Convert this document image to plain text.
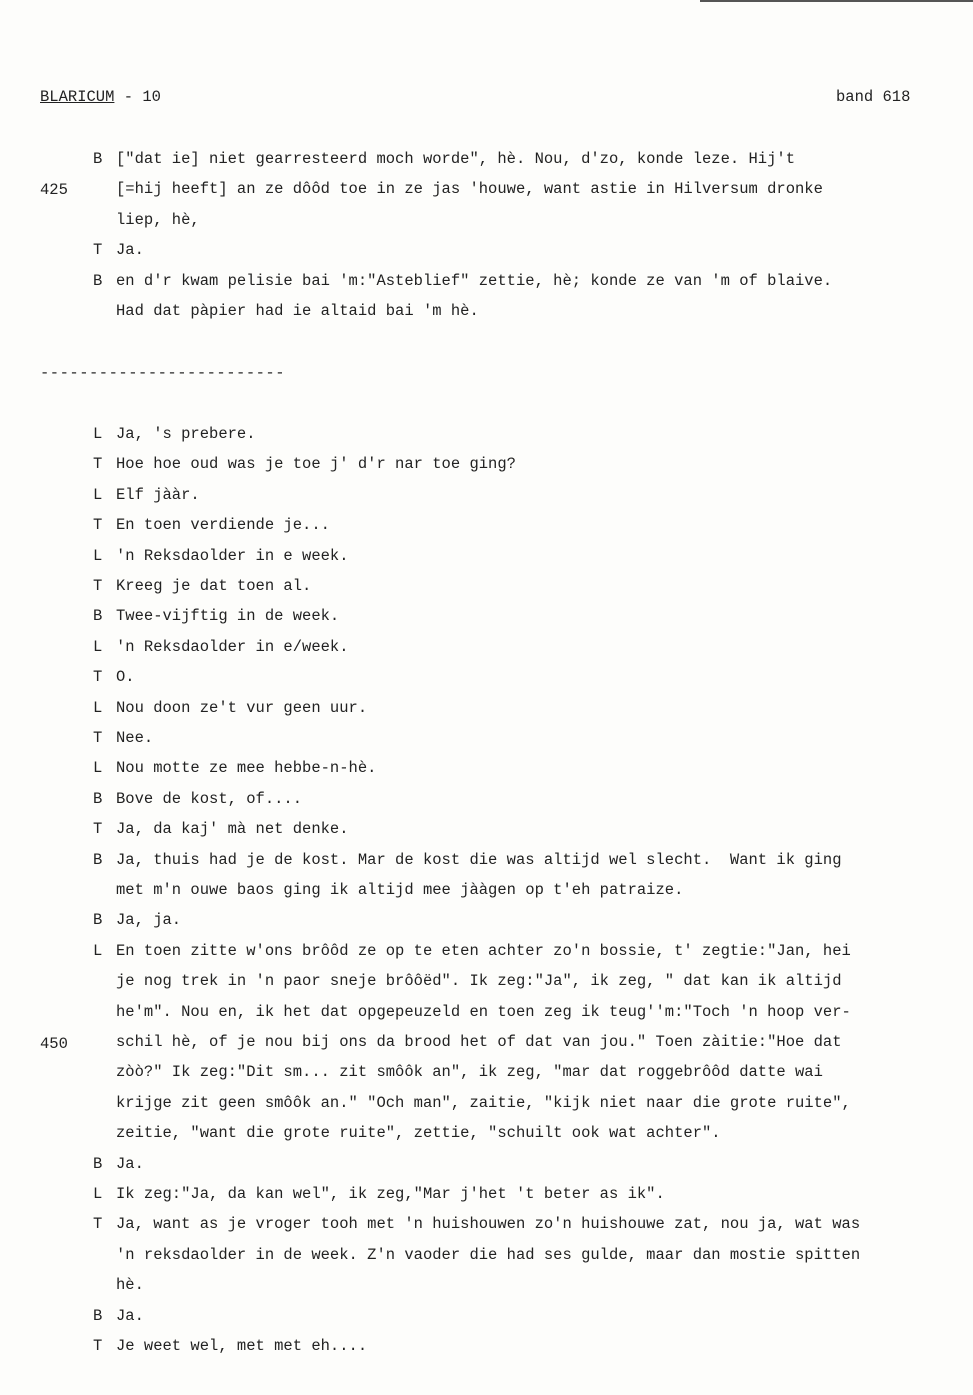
BLARICUM - 10	band 618
B ["dat ie] niet gearresteerd moch worde", hè. Nou, d'zo, konde leze. Hij't
[=hij heeft] an ze dôôd toe in ze jas 'houwe, want astie in Hilversum dronke
liep, hè,
T Ja.
B en d'r kwam pelisie bai 'm:"Asteblief" zettie, hè; konde ze van 'm of blaive.
Had dat pàpier had ie altaid bai 'm hè.
L Ja, 's prebere.
T Hoe hoe oud was je toe j' d'r nar toe ging?
L Elf jààr.
T En toen verdiende je...
L 'n Reksdaolder in e week.
T Kreeg je dat toen al.
B Twee-vijftig in de week.
L 'n Reksdaolder in e/week.
T O.
L Nou doon ze't vur geen uur.
T Nee.
L Nou motte ze mee hebbe-n-hè.
B Bove de kost, of....
T Ja, da kaj' mà net denke.
B Ja, thuis had je de kost. Mar de kost die was altijd wel slecht.  Want ik ging
met m'n ouwe baos ging ik altijd mee jààgen op t'eh patraize.
B Ja, ja.
L En toen zitte w'ons brôôd ze op te eten achter zo'n bossie, t' zegtie:"Jan, hei
je nog trek in 'n paor sneje brôôëd". Ik zeg:"Ja", ik zeg, " dat kan ik altijd
he'm". Nou en, ik het dat opgepeuzeld en toen zeg ik teug''m:"Toch 'n hoop ver-
schil hè, of je nou bij ons da brood het of dat van jou." Toen zàitie:"Hoe dat
zòò?" Ik zeg:"Dit sm... zit smôôk an", ik zeg, "mar dat roggebrôôd datte wai
krijge zit geen smôôk an." "Och man", zaitie, "kijk niet naar die grote ruite",
zeitie, "want die grote ruite", zettie, "schuilt ook wat achter".
B Ja.
L Ik zeg:"Ja, da kan wel", ik zeg,"Mar j'het 't beter as ik".
T Ja, want as je vroger tooh met 'n huishouwen zo'n huishouwe zat, nou ja, wat was
'n reksdaolder in de week. Z'n vaoder die had ses gulde, maar dan mostie spitten
hè.
B Ja.
T Je weet wel, met met eh....
-------------------------
425
450
